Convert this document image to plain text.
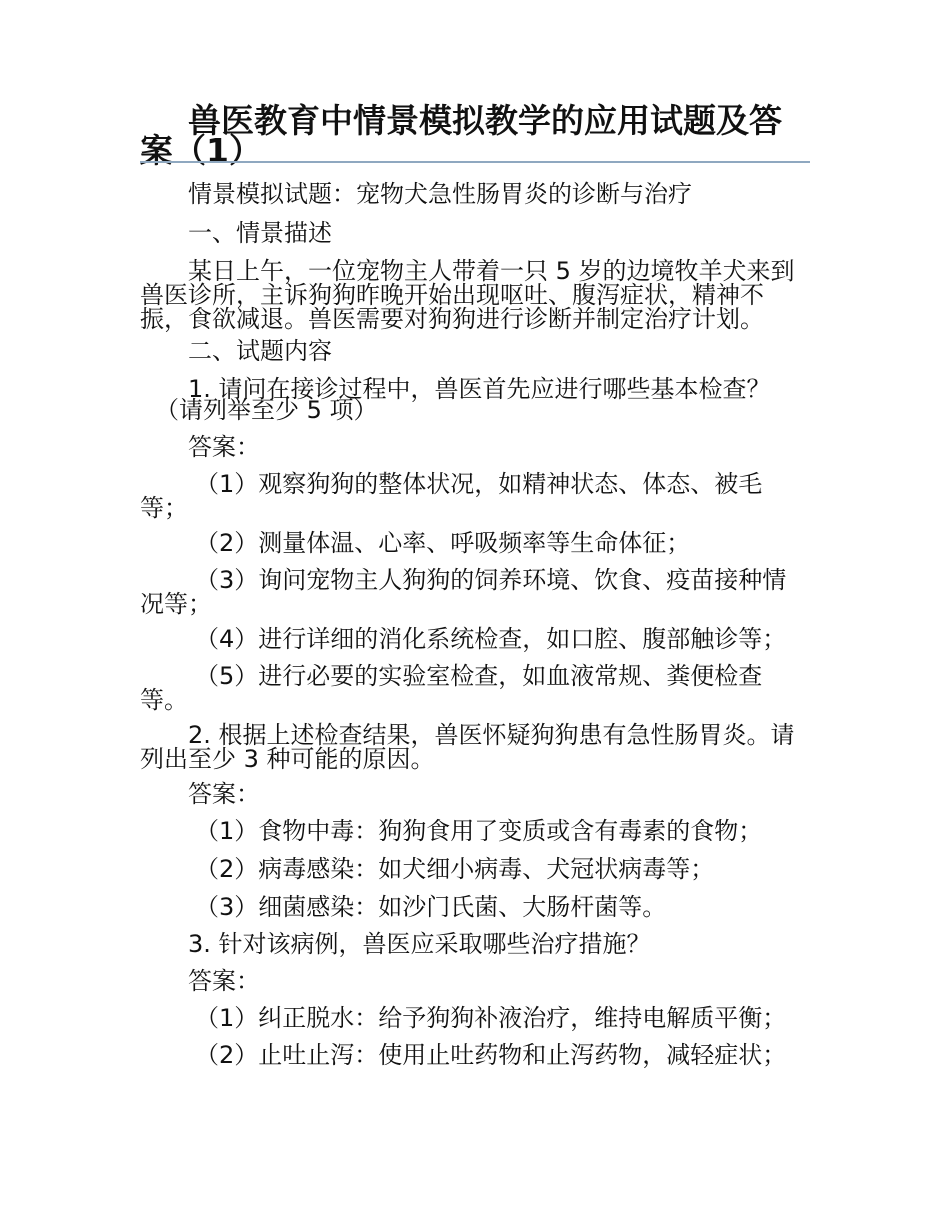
兽医教育中情景模拟教学的应用试题及答案（1）
情景模拟试题：宠物犬急性肠胃炎的诊断与治疗
一、情景描述
某日上午，一位宠物主人带着一只 5 岁的边境牧羊犬来到兽医诊所，主诉狗狗昨晚开始出现呕吐、腹泻症状，精神不振，食欲减退。兽医需要对狗狗进行诊断并制定治疗计划。
二、试题内容
1. 请问在接诊过程中，兽医首先应进行哪些基本检查？
（请列举至少 5 项）
答案：
（1）观察狗狗的整体状况，如精神状态、体态、被毛等；
（2）测量体温、心率、呼吸频率等生命体征；
（3）询问宠物主人狗狗的饲养环境、饮食、疫苗接种情况等；
（4）进行详细的消化系统检查，如口腔、腹部触诊等；
（5）进行必要的实验室检查，如血液常规、粪便检查等。
2. 根据上述检查结果，兽医怀疑狗狗患有急性肠胃炎。请列出至少 3 种可能的原因。
答案：
（1）食物中毒：狗狗食用了变质或含有毒素的食物；
（2）病毒感染：如犬细小病毒、犬冠状病毒等；
（3）细菌感染：如沙门氏菌、大肠杆菌等。
3. 针对该病例，兽医应采取哪些治疗措施？
答案：
（1）纠正脱水：给予狗狗补液治疗，维持电解质平衡；
（2）止吐止泻：使用止吐药物和止泻药物，减轻症状；
